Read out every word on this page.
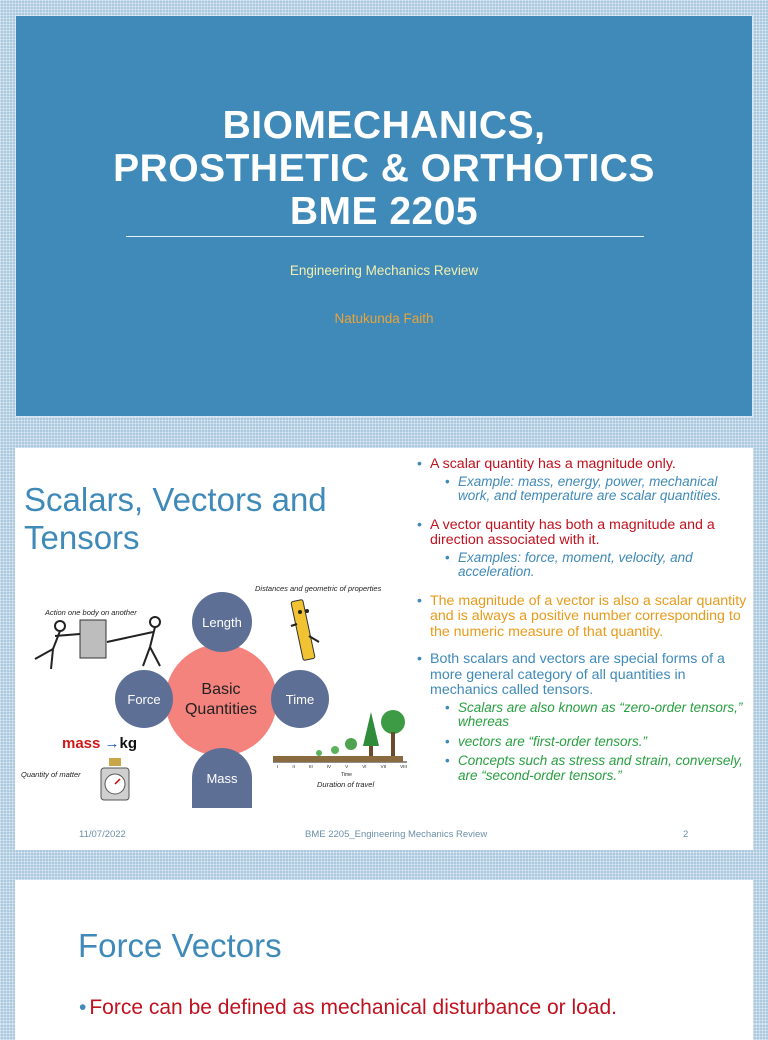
BIOMECHANICS,
PROSTHETIC & ORTHOTICS
BME 2205
Engineering Mechanics Review
Natukunda Faith
Scalars, Vectors and
Tensors
Action one body on another
Distances and geometric of properties
Quantity of matter
Duration of travel
mass →kg
Time
I	II	III	IV	V	VI	VII	VIII
Basic
Quantities
Length
Force	Time
Mass
• A scalar quantity has a magnitude only.
• Example: mass, energy, power, mechanical work, and temperature are scalar quantities.
• A vector quantity has both a magnitude and a direction associated with it.
• Examples: force, moment, velocity, and acceleration.
• The magnitude of a vector is also a scalar quantity and is always a positive number corresponding to the numeric measure of that quantity.
• Both scalars and vectors are special forms of a more general category of all quantities in mechanics called tensors.
• Scalars are also known as “zero-order tensors,” whereas
• vectors are “first-order tensors.”
• Concepts such as stress and strain, conversely, are “second-order tensors.”
11/07/2022	BME 2205_Engineering Mechanics Review	2
Force Vectors
• Force can be defined as mechanical disturbance or load.
